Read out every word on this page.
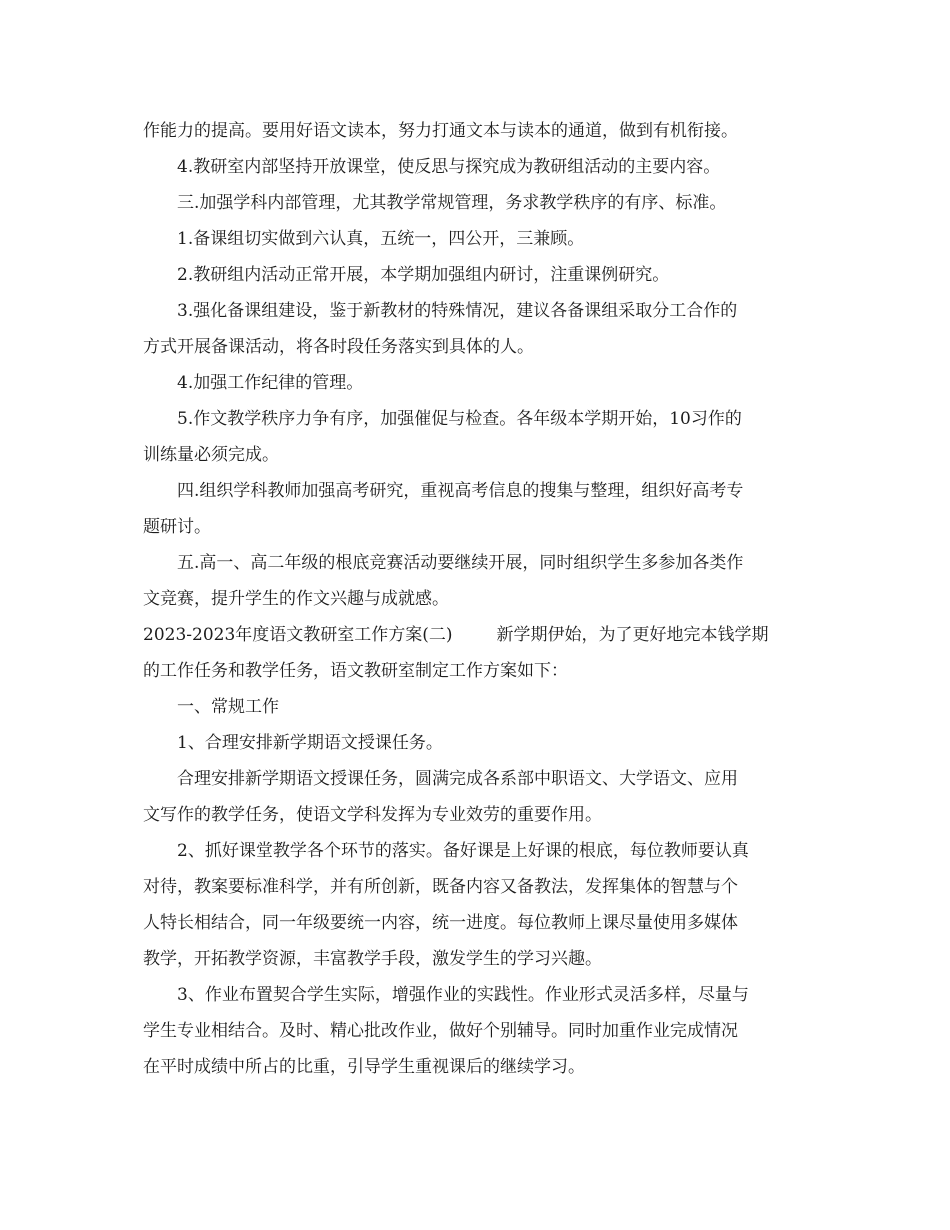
作能力的提高。要用好语文读本，努力打通文本与读本的通道，做到有机衔接。
4.教研室内部坚持开放课堂，使反思与探究成为教研组活动的主要内容。
三.加强学科内部管理，尤其教学常规管理，务求教学秩序的有序、标准。
1.备课组切实做到六认真，五统一，四公开，三兼顾。
2.教研组内活动正常开展，本学期加强组内研讨，注重课例研究。
3.强化备课组建设，鉴于新教材的特殊情况，建议各备课组采取分工合作的
方式开展备课活动，将各时段任务落实到具体的人。
4.加强工作纪律的管理。
5.作文教学秩序力争有序，加强催促与检查。各年级本学期开始，10习作的
训练量必须完成。
四.组织学科教师加强高考研究，重视高考信息的搜集与整理，组织好高考专
题研讨。
五.高一、高二年级的根底竞赛活动要继续开展，同时组织学生多参加各类作
文竞赛，提升学生的作文兴趣与成就感。
2023-2023年度语文教研室工作方案(二)	新学期伊始，为了更好地完本钱学期
的工作任务和教学任务，语文教研室制定工作方案如下：
一、常规工作
1、合理安排新学期语文授课任务。
合理安排新学期语文授课任务，圆满完成各系部中职语文、大学语文、应用
文写作的教学任务，使语文学科发挥为专业效劳的重要作用。
2、抓好课堂教学各个环节的落实。备好课是上好课的根底，每位教师要认真
对待，教案要标准科学，并有所创新，既备内容又备教法，发挥集体的智慧与个
人特长相结合，同一年级要统一内容，统一进度。每位教师上课尽量使用多媒体
教学，开拓教学资源，丰富教学手段，激发学生的学习兴趣。
3、作业布置契合学生实际，增强作业的实践性。作业形式灵活多样，尽量与
学生专业相结合。及时、精心批改作业，做好个别辅导。同时加重作业完成情况
在平时成绩中所占的比重，引导学生重视课后的继续学习。
